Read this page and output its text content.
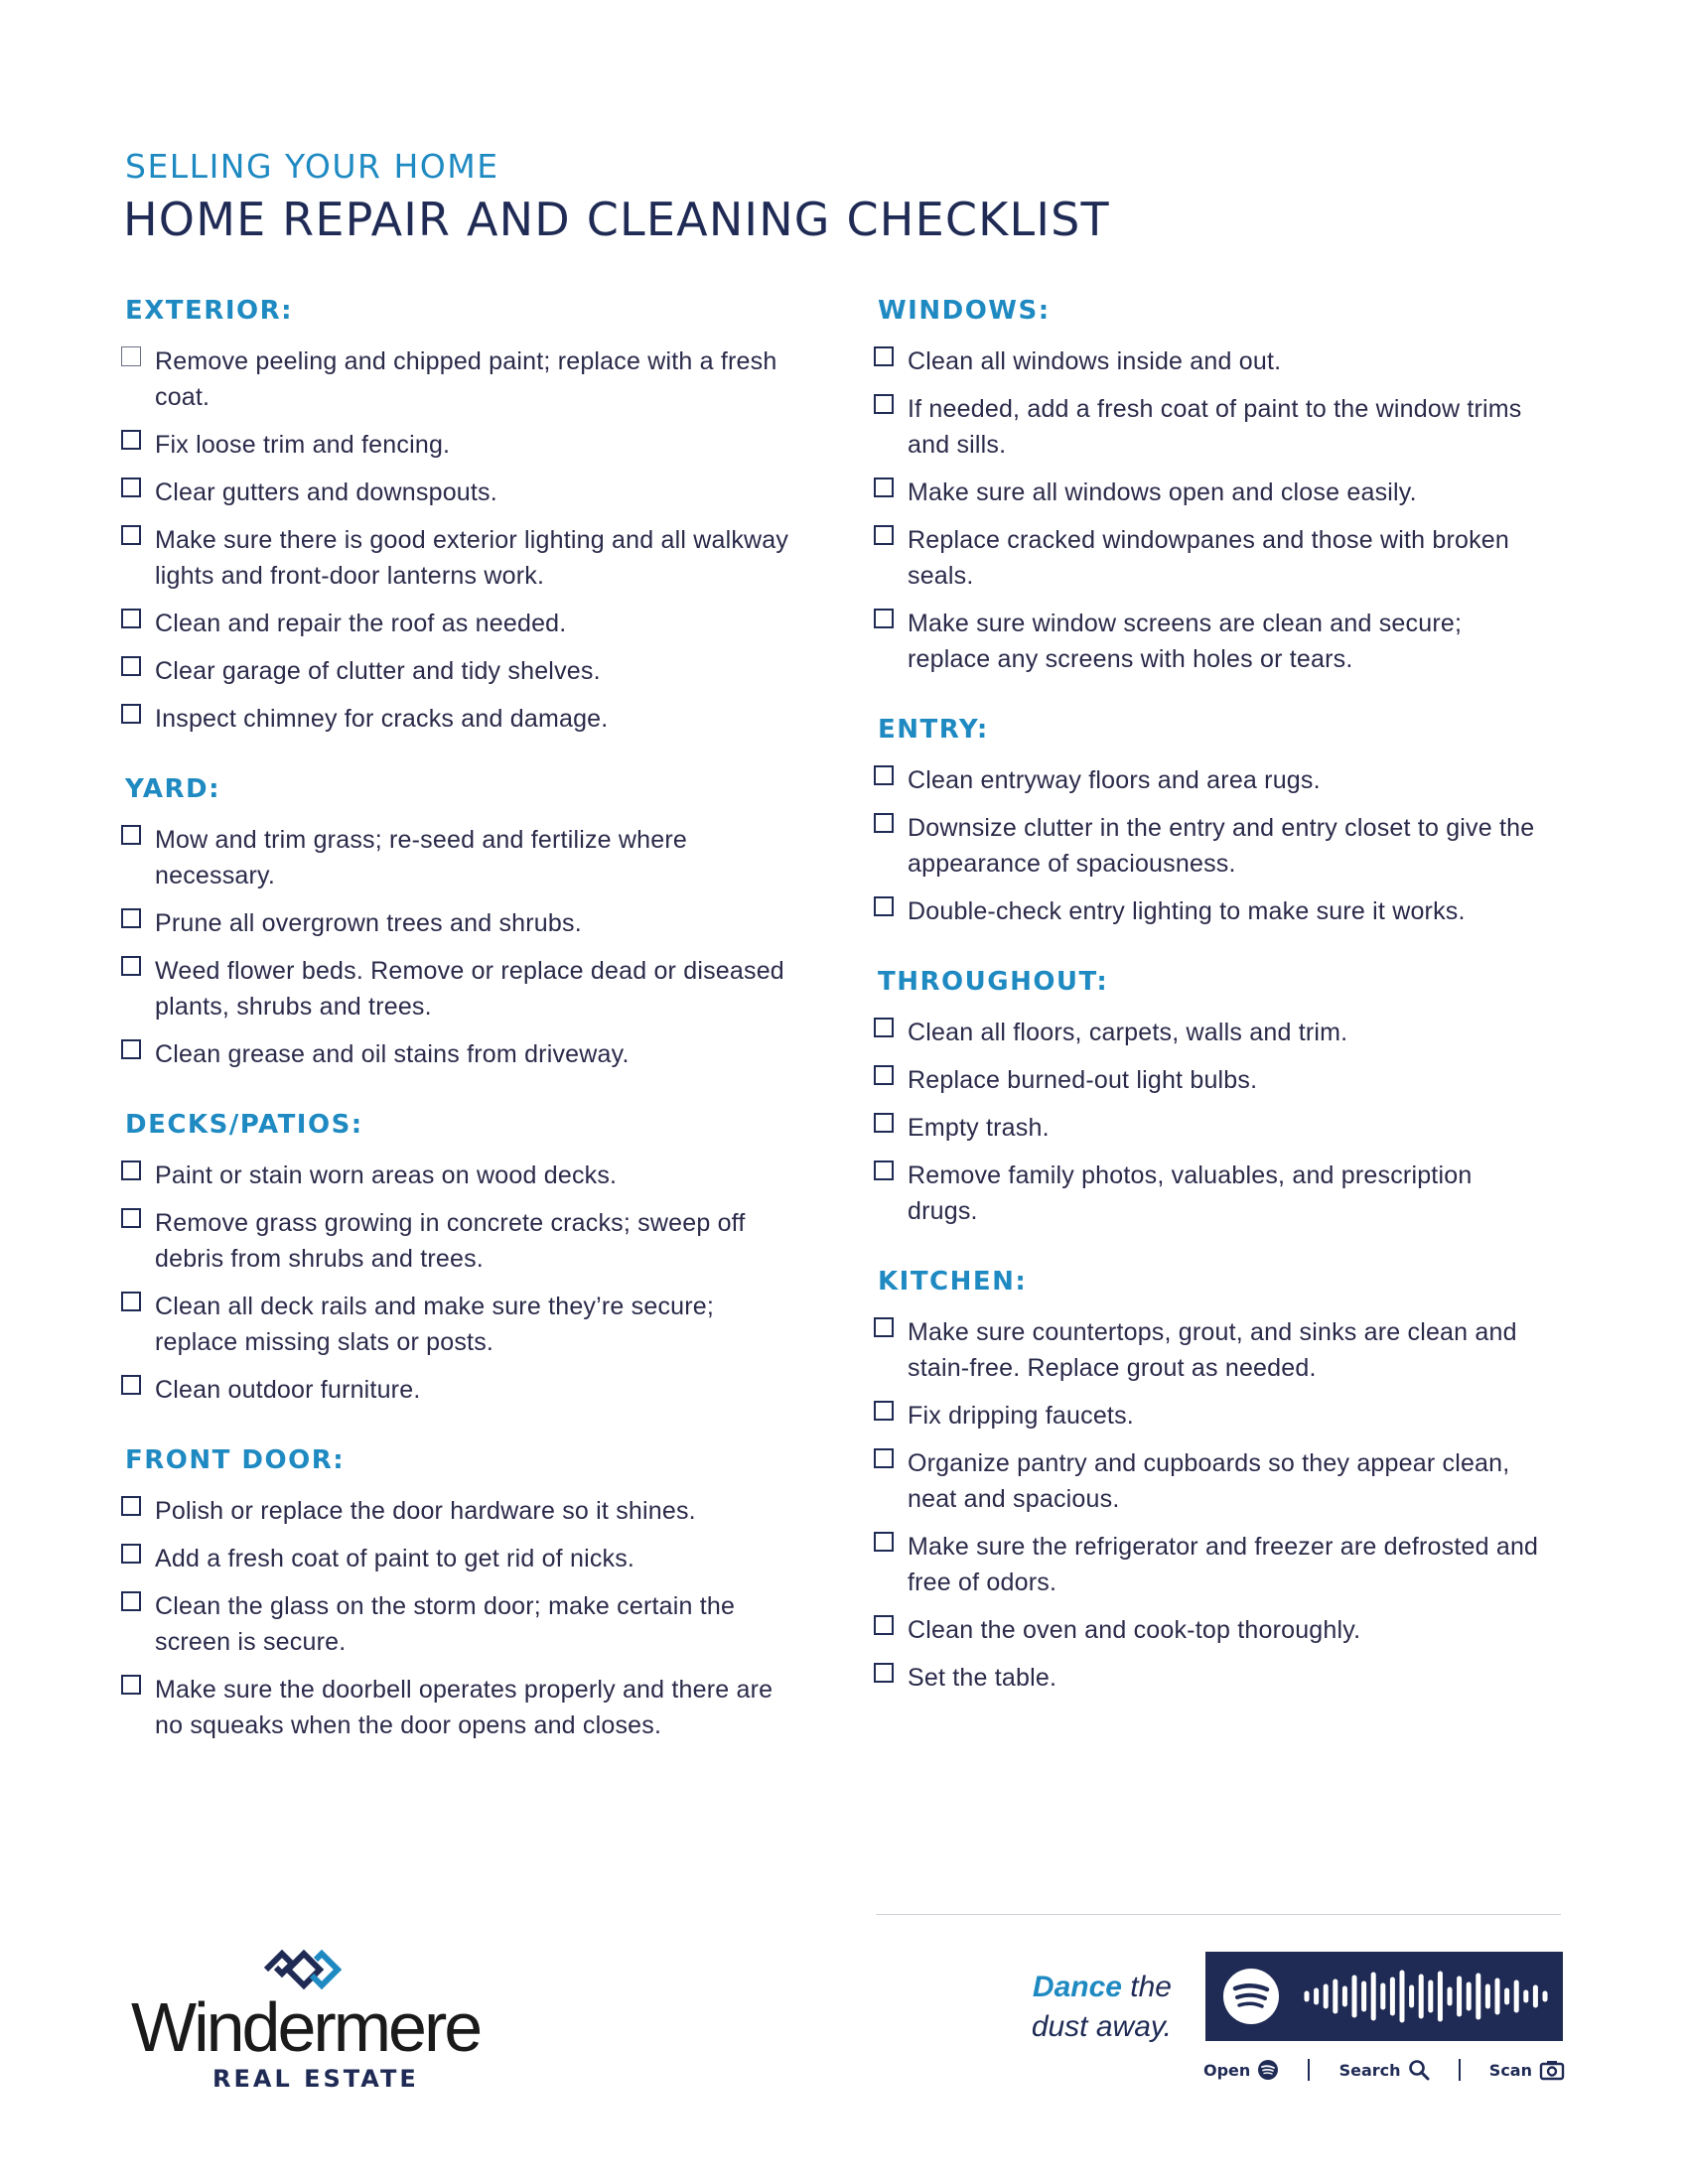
SELLING YOUR HOME
HOME REPAIR AND CLEANING CHECKLIST
EXTERIOR:
Remove peeling and chipped paint; replace with a fresh coat.
Fix loose trim and fencing.
Clear gutters and downspouts.
Make sure there is good exterior lighting and all walkway lights and front-door lanterns work.
Clean and repair the roof as needed.
Clear garage of clutter and tidy shelves.
Inspect chimney for cracks and damage.
YARD:
Mow and trim grass; re-seed and fertilize where necessary.
Prune all overgrown trees and shrubs.
Weed flower beds. Remove or replace dead or diseased plants, shrubs and trees.
Clean grease and oil stains from driveway.
DECKS/PATIOS:
Paint or stain worn areas on wood decks.
Remove grass growing in concrete cracks; sweep off debris from shrubs and trees.
Clean all deck rails and make sure they’re secure; replace missing slats or posts.
Clean outdoor furniture.
FRONT DOOR:
Polish or replace the door hardware so it shines.
Add a fresh coat of paint to get rid of nicks.
Clean the glass on the storm door; make certain the screen is secure.
Make sure the doorbell operates properly and there are no squeaks when the door opens and closes.
WINDOWS:
Clean all windows inside and out.
If needed, add a fresh coat of paint to the window trims and sills.
Make sure all windows open and close easily.
Replace cracked windowpanes and those with broken seals.
Make sure window screens are clean and secure; replace any screens with holes or tears.
ENTRY:
Clean entryway floors and area rugs.
Downsize clutter in the entry and entry closet to give the appearance of spaciousness.
Double-check entry lighting to make sure it works.
THROUGHOUT:
Clean all floors, carpets, walls and trim.
Replace burned-out light bulbs.
Empty trash.
Remove family photos, valuables, and prescription drugs.
KITCHEN:
Make sure countertops, grout, and sinks are clean and stain-free. Replace grout as needed.
Fix dripping faucets.
Organize pantry and cupboards so they appear clean, neat and spacious.
Make sure the refrigerator and freezer are defrosted and free of odors.
Clean the oven and cook-top thoroughly.
Set the table.
Windermere
REAL ESTATE
Dance the
dust away.
Open	Search	Scan
